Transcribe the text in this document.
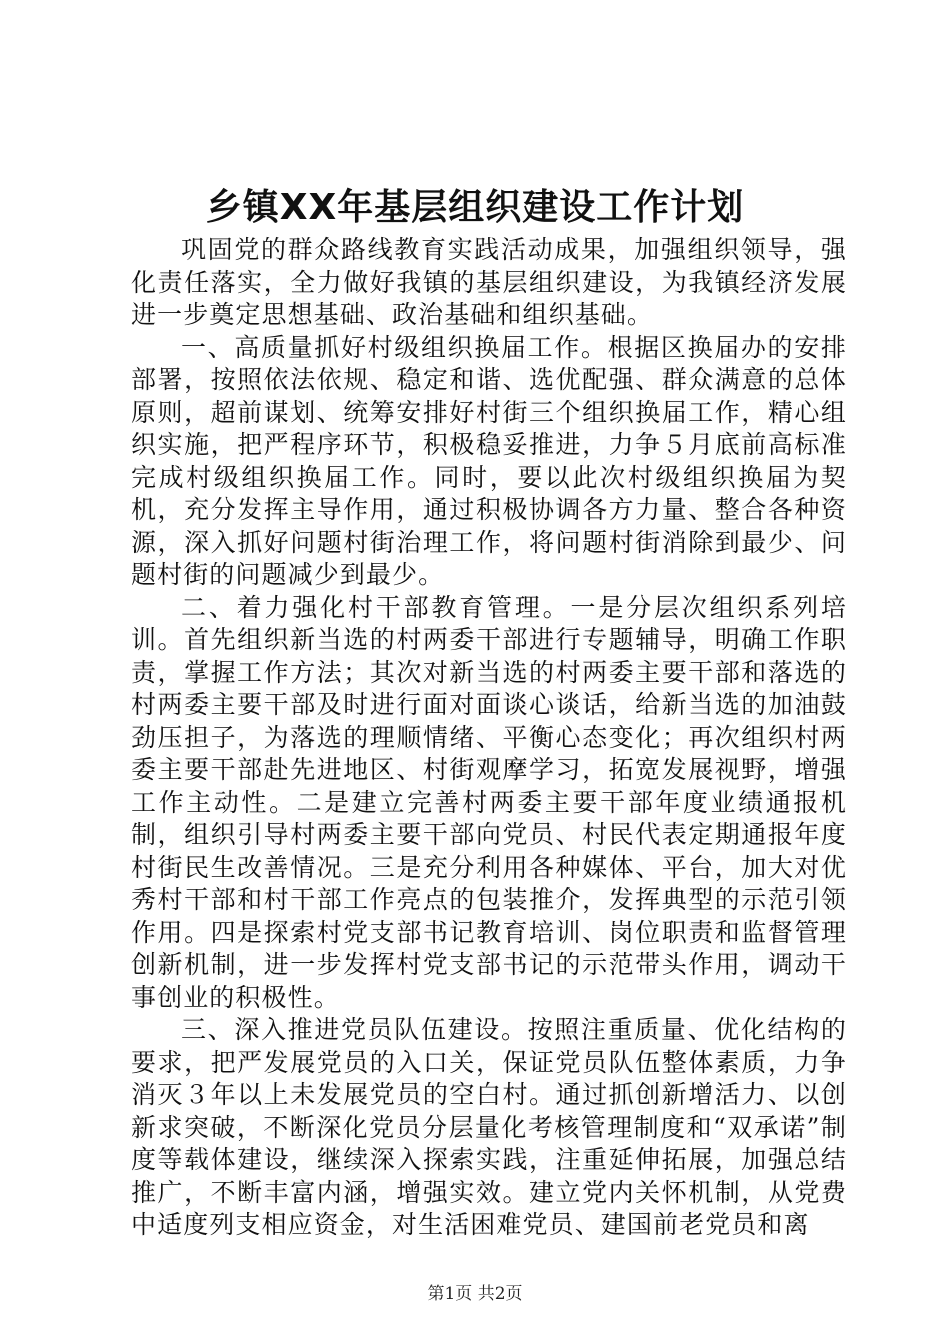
乡镇XX年基层组织建设工作计划

巩固党的群众路线教育实践活动成果，加强组织领导，强化责任落实，全力做好我镇的基层组织建设，为我镇经济发展进一步奠定思想基础、政治基础和组织基础。

一、高质量抓好村级组织换届工作。根据区换届办的安排部署，按照依法依规、稳定和谐、选优配强、群众满意的总体原则，超前谋划、统筹安排好村街三个组织换届工作，精心组织实施，把严程序环节，积极稳妥推进，力争５月底前高标准完成村级组织换届工作。同时，要以此次村级组织换届为契机，充分发挥主导作用，通过积极协调各方力量、整合各种资源，深入抓好问题村街治理工作，将问题村街消除到最少、问题村街的问题减少到最少。

二、着力强化村干部教育管理。一是分层次组织系列培训。首先组织新当选的村两委干部进行专题辅导，明确工作职责，掌握工作方法；其次对新当选的村两委主要干部和落选的村两委主要干部及时进行面对面谈心谈话，给新当选的加油鼓劲压担子，为落选的理顺情绪、平衡心态变化；再次组织村两委主要干部赴先进地区、村街观摩学习，拓宽发展视野，增强工作主动性。二是建立完善村两委主要干部年度业绩通报机制，组织引导村两委主要干部向党员、村民代表定期通报年度村街民生改善情况。三是充分利用各种媒体、平台，加大对优秀村干部和村干部工作亮点的包装推介，发挥典型的示范引领作用。四是探索村党支部书记教育培训、岗位职责和监督管理创新机制，进一步发挥村党支部书记的示范带头作用，调动干事创业的积极性。

三、深入推进党员队伍建设。按照注重质量、优化结构的要求，把严发展党员的入口关，保证党员队伍整体素质，力争消灭３年以上未发展党员的空白村。通过抓创新增活力、以创新求突破，不断深化党员分层量化考核管理制度和“双承诺”制度等载体建设，继续深入探索实践，注重延伸拓展，加强总结推广，不断丰富内涵，增强实效。建立党内关怀机制，从党费中适度列支相应资金，对生活困难党员、建国前老党员和离

第1页 共2页
